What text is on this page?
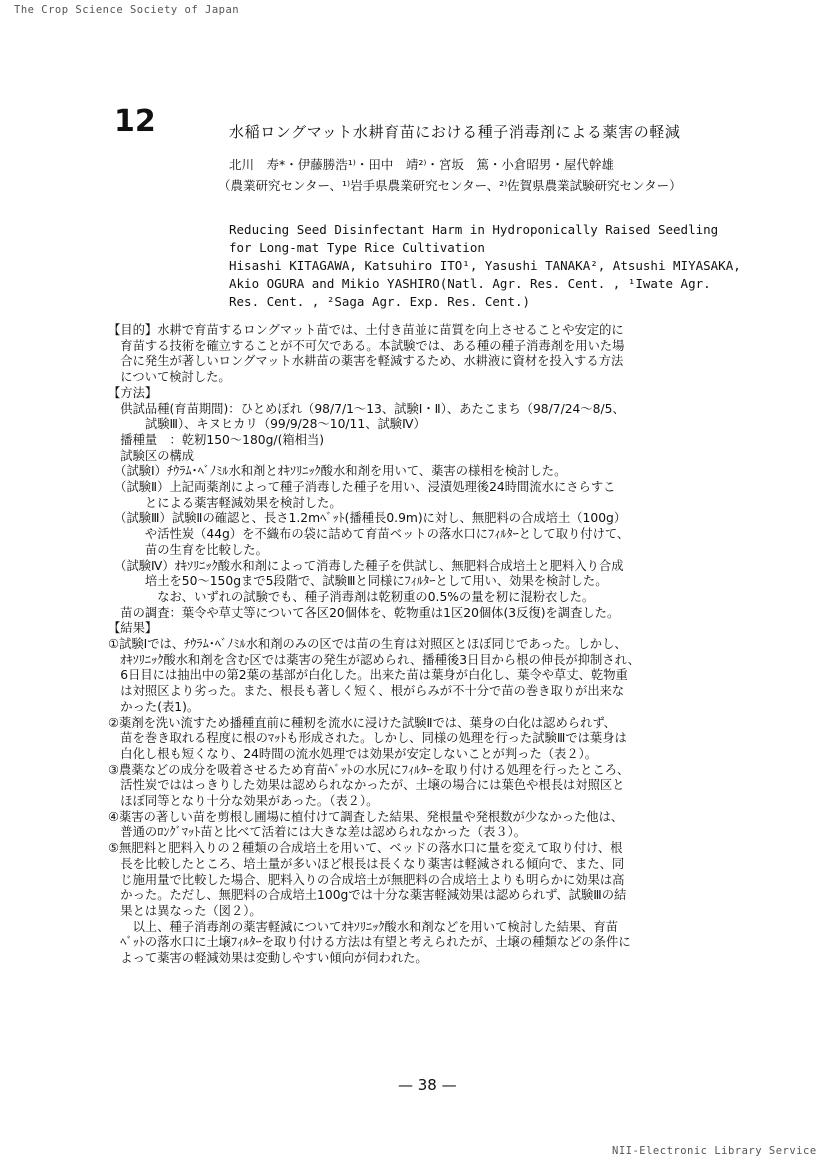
The Crop Science Society of Japan
12	水稲ロングマット水耕育苗における種子消毒剤による薬害の軽減
北川　寿*・伊藤勝浩¹⁾・田中　靖²⁾・宮坂　篤・小倉昭男・屋代幹雄
（農業研究センター、¹⁾岩手県農業研究センター、²⁾佐賀県農業試験研究センター）
Reducing Seed Disinfectant Harm in Hydroponically Raised Seedling
for Long-mat Type Rice Cultivation
Hisashi KITAGAWA, Katsuhiro ITO¹, Yasushi TANAKA², Atsushi MIYASAKA,
Akio OGURA and Mikio YASHIRO(Natl. Agr. Res. Cent. , ¹Iwate Agr.
Res. Cent. , ²Saga Agr. Exp. Res. Cent.)
【目的】水耕で育苗するロングマット苗では、土付き苗並に苗質を向上させることや安定的に
　育苗する技術を確立することが不可欠である。本試験では、ある種の種子消毒剤を用いた場
　合に発生が著しいロングマット水耕苗の薬害を軽減するため、水耕液に資材を投入する方法
　について検討した。
【方法】
　供試品種(育苗期間)：ひとめぼれ（98/7/1～13、試験Ⅰ・Ⅱ）、あたこまち（98/7/24～8/5、
　　　試験Ⅲ）、キヌヒカリ（99/9/28～10/11、試験Ⅳ）
　播種量　：乾籾150～180g/(箱相当)
　試験区の構成
　（試験Ⅰ）ﾁｳﾗﾑ･ﾍﾞﾉﾐﾙ水和剤とｵｷｿﾘﾆｯｸ酸水和剤を用いて、薬害の様相を検討した。
　（試験Ⅱ）上記両薬剤によって種子消毒した種子を用い、浸漬処理後24時間流水にさらすこ
　　　とによる薬害軽減効果を検討した。
　（試験Ⅲ）試験Ⅱの確認と、長さ1.2mﾍﾞｯﾄ(播種長0.9m)に対し、無肥料の合成培土（100g）
　　　や活性炭（44g）を不織布の袋に詰めて育苗ベットの落水口にﾌｨﾙﾀｰとして取り付けて、
　　　苗の生育を比較した。
　（試験Ⅳ）ｵｷｿﾘﾆｯｸ酸水和剤によって消毒した種子を供試し、無肥料合成培土と肥料入り合成
　　　培土を50～150gまで5段階で、試験Ⅲと同様にﾌｨﾙﾀｰとして用い、効果を検討した。
　　　　なお、いずれの試験でも、種子消毒剤は乾籾重の0.5%の量を籾に混粉衣した。
　苗の調査：葉令や草丈等について各区20個体を、乾物重は1区20個体(3反復)を調査した。
【結果】
①試験Ⅰでは、ﾁｳﾗﾑ･ﾍﾞﾉﾐﾙ水和剤のみの区では苗の生育は対照区とほぼ同じであった。しかし、
　ｵｷｿﾘﾆｯｸ酸水和剤を含む区では薬害の発生が認められ、播種後3日目から根の伸長が抑制され、
　6日目には抽出中の第2葉の基部が白化した。出来た苗は葉身が白化し、葉令や草丈、乾物重
　は対照区より劣った。また、根長も著しく短く、根がらみが不十分で苗の巻き取りが出来な
　かった(表1)。
②薬剤を洗い流すため播種直前に種籾を流水に浸けた試験Ⅱでは、葉身の白化は認められず、
　苗を巻き取れる程度に根のﾏｯﾄも形成された。しかし、同様の処理を行った試験Ⅲでは葉身は
　白化し根も短くなり、24時間の流水処理では効果が安定しないことが判った（表２）。
③農薬などの成分を吸着させるため育苗ﾍﾞｯﾄの水尻にﾌｨﾙﾀｰを取り付ける処理を行ったところ、
　活性炭でははっきりした効果は認められなかったが、土壌の場合には葉色や根長は対照区と
　ほぼ同等となり十分な効果があった。（表２）。
④薬害の著しい苗を剪根し圃場に植付けて調査した結果、発根量や発根数が少なかった他は、
　普通のﾛﾝｸﾞﾏｯﾄ苗と比べて活着には大きな差は認められなかった（表３）。
⑤無肥料と肥料入りの２種類の合成培土を用いて、ベッドの落水口に量を変えて取り付け、根
　長を比較したところ、培土量が多いほど根長は長くなり薬害は軽減される傾向で、また、同
　じ施用量で比較した場合、肥料入りの合成培土が無肥料の合成培土よりも明らかに効果は高
　かった。ただし、無肥料の合成培土100gでは十分な薬害軽減効果は認められず、試験Ⅲの結
　果とは異なった（図２）。
　　以上、種子消毒剤の薬害軽減についてｵｷｿﾘﾆｯｸ酸水和剤などを用いて検討した結果、育苗
　ﾍﾞｯﾄの落水口に土壌ﾌｨﾙﾀｰを取り付ける方法は有望と考えられたが、土壌の種類などの条件に
　よって薬害の軽減効果は変動しやすい傾向が伺われた。
— 38 —
NII-Electronic Library Service
